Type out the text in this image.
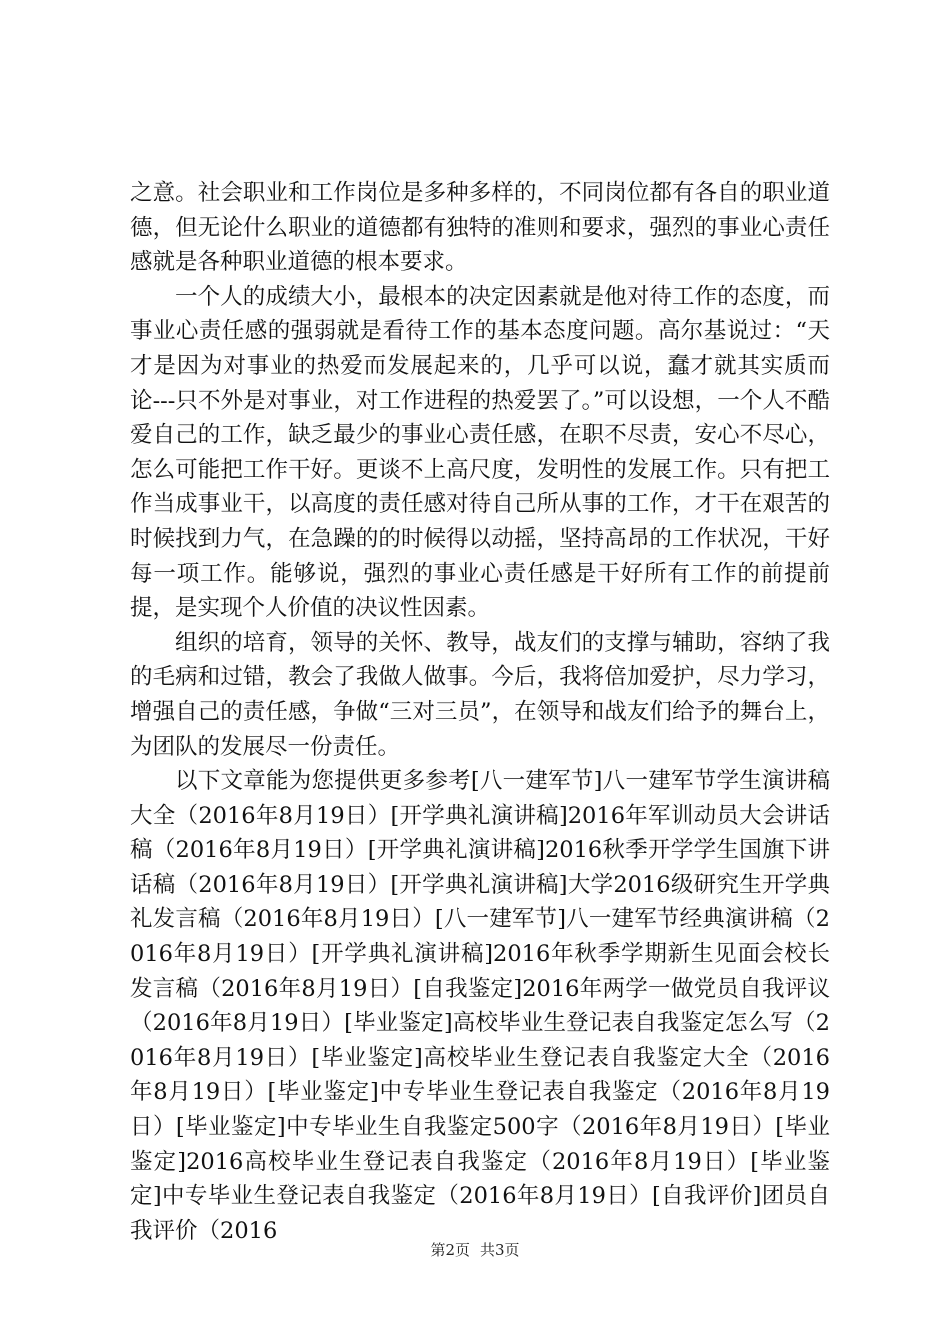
之意。社会职业和工作岗位是多种多样的，不同岗位都有各自的职业道德，但无论什么职业的道德都有独特的准则和要求，强烈的事业心责任感就是各种职业道德的根本要求。

一个人的成绩大小，最根本的决定因素就是他对待工作的态度，而事业心责任感的强弱就是看待工作的基本态度问题。高尔基说过：“天才是因为对事业的热爱而发展起来的，几乎可以说，蠢才就其实质而论---只不外是对事业，对工作进程的热爱罢了。”可以设想，一个人不酷爱自己的工作，缺乏最少的事业心责任感，在职不尽责，安心不尽心，怎么可能把工作干好。更谈不上高尺度，发明性的发展工作。只有把工作当成事业干，以高度的责任感对待自己所从事的工作，才干在艰苦的时候找到力气，在急躁的的时候得以动摇，坚持高昂的工作状况，干好每一项工作。能够说，强烈的事业心责任感是干好所有工作的前提前提，是实现个人价值的决议性因素。

组织的培育，领导的关怀、教导，战友们的支撑与辅助，容纳了我的毛病和过错，教会了我做人做事。今后，我将倍加爱护，尽力学习，增强自己的责任感，争做“三对三员”，在领导和战友们给予的舞台上，为团队的发展尽一份责任。

以下文章能为您提供更多参考[八一建军节]八一建军节学生演讲稿大全（2016年8月19日）[开学典礼演讲稿]2016年军训动员大会讲话稿（2016年8月19日）[开学典礼演讲稿]2016秋季开学学生国旗下讲话稿（2016年8月19日）[开学典礼演讲稿]大学2016级研究生开学典礼发言稿（2016年8月19日）[八一建军节]八一建军节经典演讲稿（2016年8月19日）[开学典礼演讲稿]2016年秋季学期新生见面会校长发言稿（2016年8月19日）[自我鉴定]2016年两学一做党员自我评议（2016年8月19日）[毕业鉴定]高校毕业生登记表自我鉴定怎么写（2016年8月19日）[毕业鉴定]高校毕业生登记表自我鉴定大全（2016年8月19日）[毕业鉴定]中专毕业生登记表自我鉴定（2016年8月19日）[毕业鉴定]中专毕业生自我鉴定500字（2016年8月19日）[毕业鉴定]2016高校毕业生登记表自我鉴定（2016年8月19日）[毕业鉴定]中专毕业生登记表自我鉴定（2016年8月19日）[自我评价]团员自我评价（2016

第2页 共3页
